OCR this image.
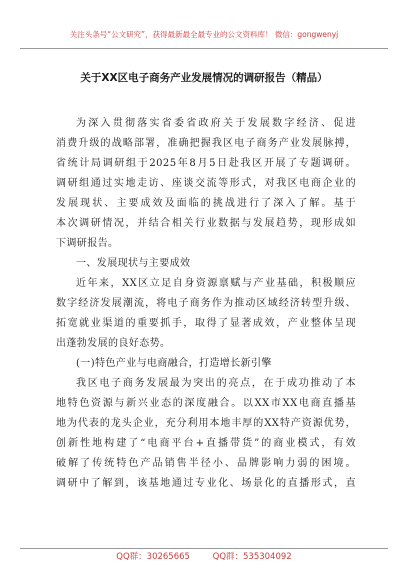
关注头条号“公文研究”，获得最新最全最专业的公文资料库！ 微信：gongwenyj
关于XX区电子商务产业发展情况的调研报告（精品）
为深入贯彻落实省委省政府关于发展数字经济、促进
消费升级的战略部署，准确把握我区电子商务产业发展脉搏，
省统计局调研组于2025年8月5日赴我区开展了专题调研。
调研组通过实地走访、座谈交流等形式，对我区电商企业的
发展现状、主要成效及面临的挑战进行了深入了解。基于
本次调研情况，并结合相关行业数据与发展趋势，现形成如
下调研报告。
一、发展现状与主要成效
近年来，XX区立足自身资源禀赋与产业基础，积极顺应
数字经济发展潮流，将电子商务作为推动区域经济转型升级、
拓宽就业渠道的重要抓手，取得了显著成效，产业整体呈现
出蓬勃发展的良好态势。
(一)特色产业与电商融合，打造增长新引擎
我区电子商务发展最为突出的亮点，在于成功推动了本
地特色资源与新兴业态的深度融合。以XX市XX电商直播基
地为代表的龙头企业，充分利用本地丰厚的XX特产资源优势，
创新性地构建了“电商平台+直播带货”的商业模式，有效
破解了传统特色产品销售半径小、品牌影响力弱的困境。
调研中了解到，该基地通过专业化、场景化的直播形式，直
QQ群：30265665	QQ群：535304092
